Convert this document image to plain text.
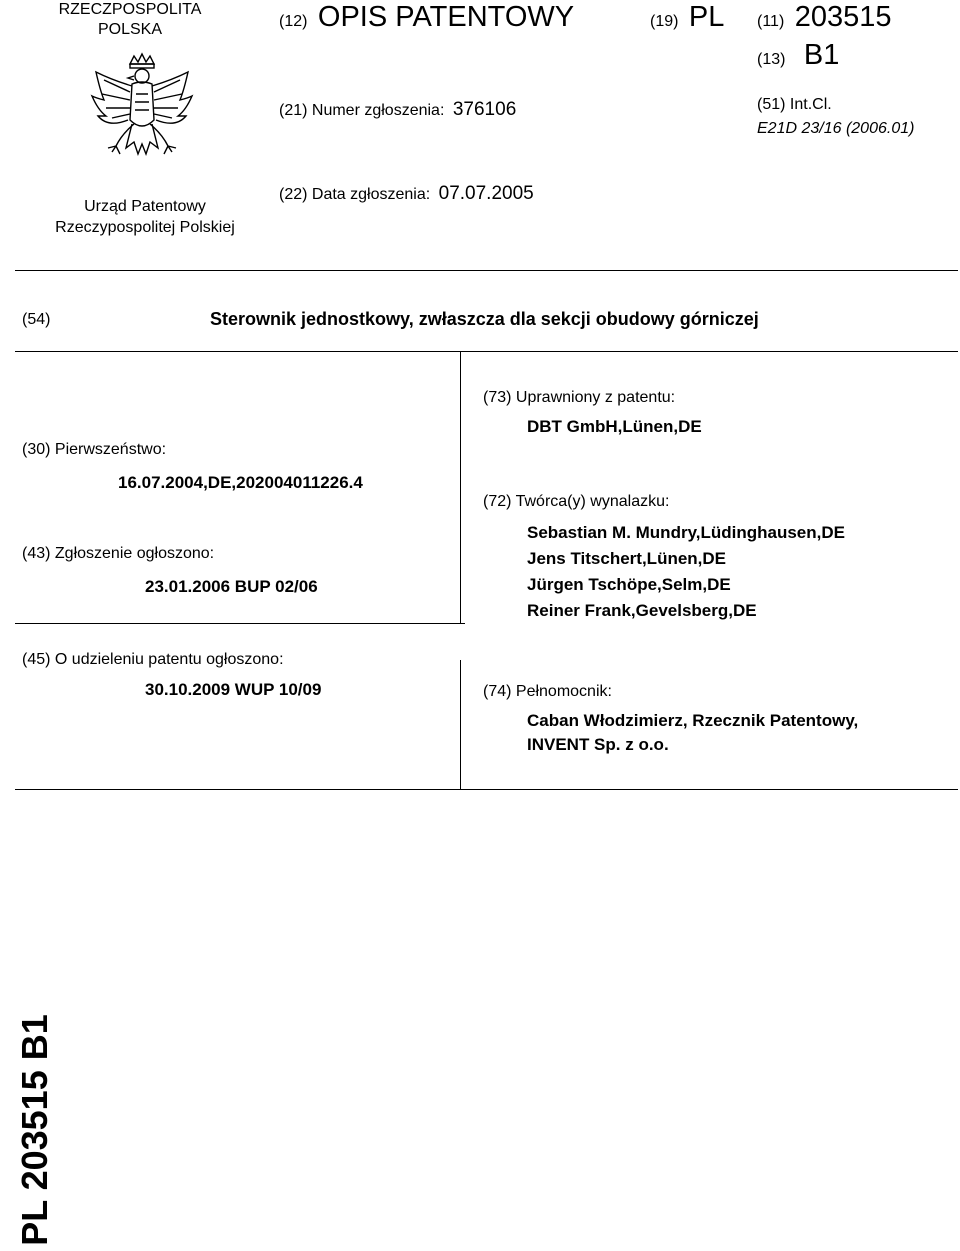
RZECZPOSPOLITA
POLSKA
Urząd Patentowy
Rzeczypospolitej Polskiej
(12) OPIS PATENTOWY	(19) PL (11) 203515
(13) B1
(21) Numer zgłoszenia: 376106	(51) Int.Cl.
E21D 23/16 (2006.01)
(22) Data zgłoszenia: 07.07.2005
(54)	Sterownik jednostkowy, zwłaszcza dla sekcji obudowy górniczej
(30) Pierwszeństwo:
16.07.2004,DE,202004011226.4
(43) Zgłoszenie ogłoszono:
23.01.2006 BUP 02/06
(45) O udzieleniu patentu ogłoszono:
30.10.2009 WUP 10/09
(73) Uprawniony z patentu:
DBT GmbH,Lünen,DE
(72) Twórca(y) wynalazku:
Sebastian M. Mundry,Lüdinghausen,DE
Jens Titschert,Lünen,DE
Jürgen Tschöpe,Selm,DE
Reiner Frank,Gevelsberg,DE
(74) Pełnomocnik:
Caban Włodzimierz, Rzecznik Patentowy,
INVENT Sp. z o.o.
PL 203515 B1
